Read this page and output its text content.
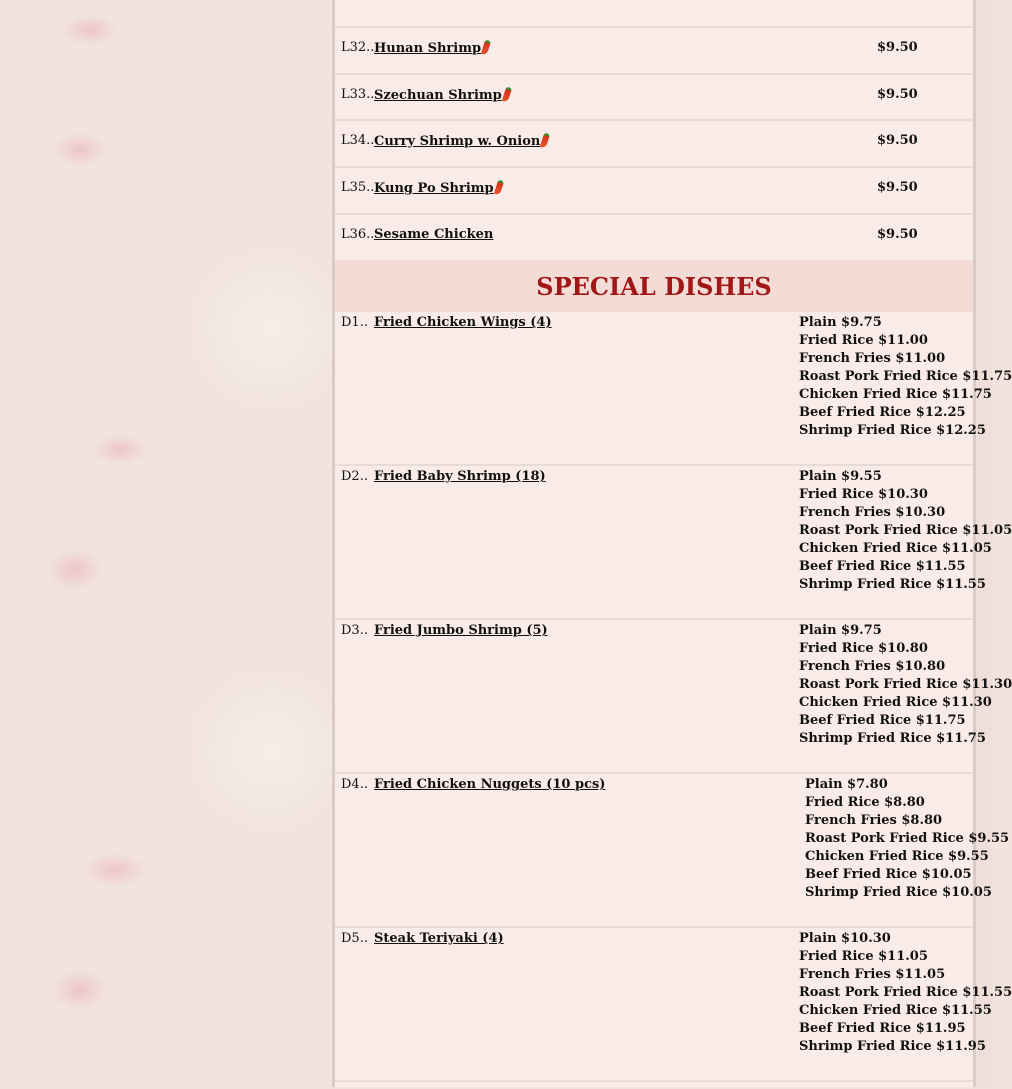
SPECIAL DISHES
L32.. Hunan Shrimp	$9.50
L33.. Szechuan Shrimp	$9.50
L34.. Curry Shrimp w. Onion	$9.50
L35.. Kung Po Shrimp	$9.50
L36.. Sesame Chicken	$9.50
D1.. Fried Chicken Wings (4)	Plain $9.75
Fried Rice $11.00
French Fries $11.00
Roast Pork Fried Rice $11.75
Chicken Fried Rice $11.75
Beef Fried Rice $12.25
Shrimp Fried Rice $12.25
D2.. Fried Baby Shrimp (18)	Plain $9.55
Fried Rice $10.30
French Fries $10.30
Roast Pork Fried Rice $11.05
Chicken Fried Rice $11.05
Beef Fried Rice $11.55
Shrimp Fried Rice $11.55
D3.. Fried Jumbo Shrimp (5)	Plain $9.75
Fried Rice $10.80
French Fries $10.80
Roast Pork Fried Rice $11.30
Chicken Fried Rice $11.30
Beef Fried Rice $11.75
Shrimp Fried Rice $11.75
D4.. Fried Chicken Nuggets (10 pcs)	Plain $7.80
Fried Rice $8.80
French Fries $8.80
Roast Pork Fried Rice $9.55
Chicken Fried Rice $9.55
Beef Fried Rice $10.05
Shrimp Fried Rice $10.05
D5.. Steak Teriyaki (4)	Plain $10.30
Fried Rice $11.05
French Fries $11.05
Roast Pork Fried Rice $11.55
Chicken Fried Rice $11.55
Beef Fried Rice $11.95
Shrimp Fried Rice $11.95
